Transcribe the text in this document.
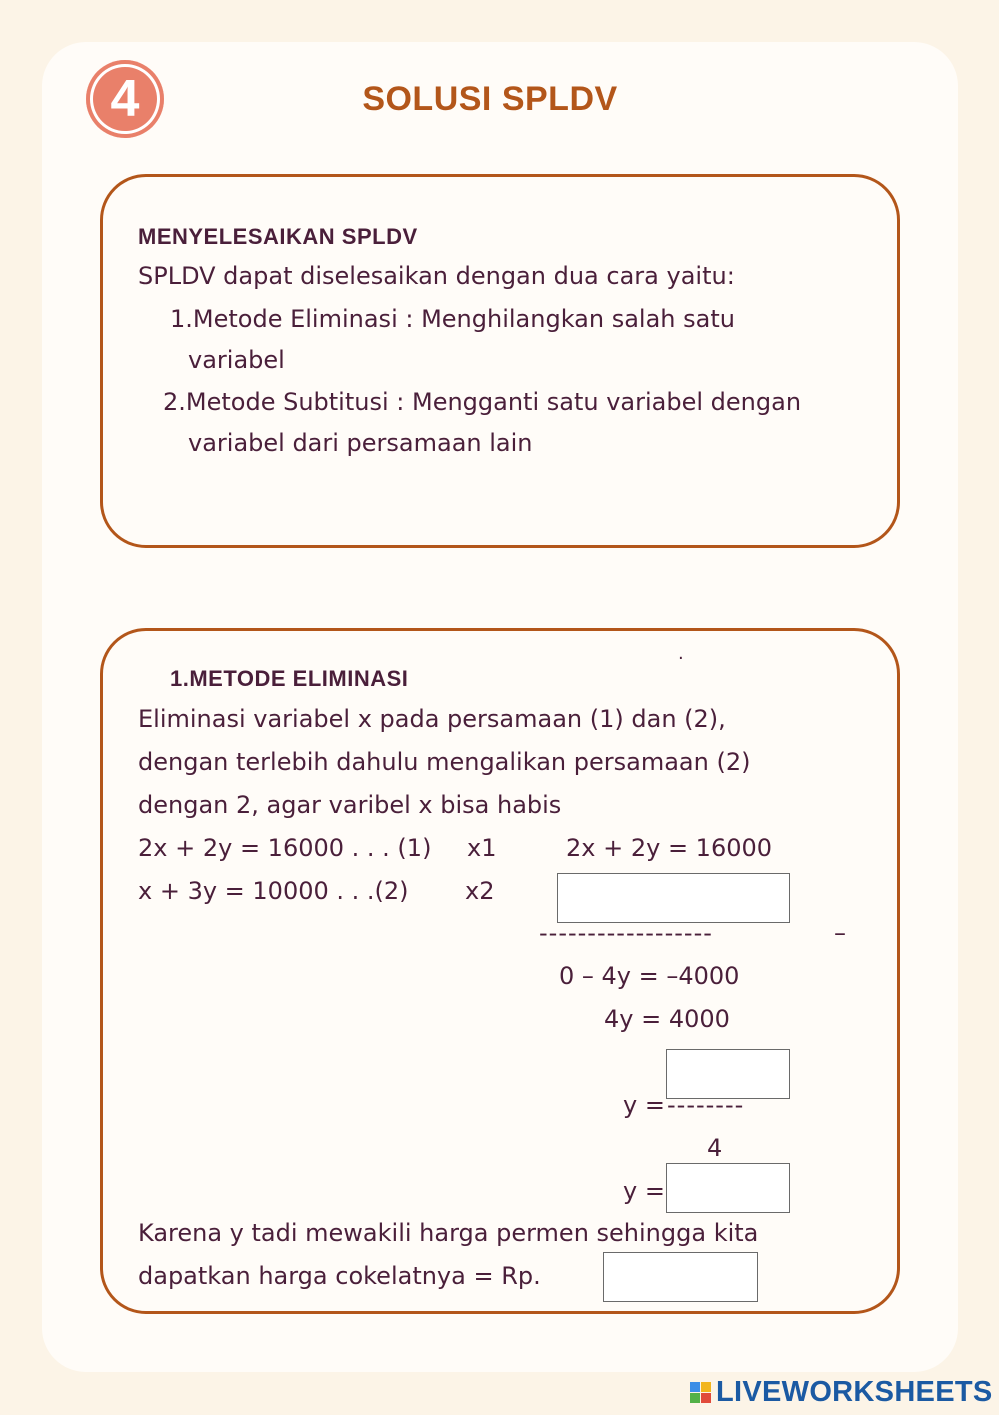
4	SOLUSI SPLDV
MENYELESAIKAN SPLDV
SPLDV dapat diselesaikan dengan dua cara yaitu:
1.Metode Eliminasi : Menghilangkan salah satu
variabel
2.Metode Subtitusi : Mengganti satu variabel dengan
variabel dari persamaan lain
1.METODE ELIMINASI
·
Eliminasi variabel x pada persamaan (1) dan (2),
dengan terlebih dahulu mengalikan persamaan (2)
dengan 2, agar varibel x bisa habis
2x + 2y = 16000 . . . (1) x1	2x + 2y = 16000
x + 3y = 10000 . . .(2) x2
------------------	–
0 – 4y = –4000
4y = 4000
y = --------
4
y =
Karena y tadi mewakili harga permen sehingga kita
dapatkan harga cokelatnya = Rp.
LIVEWORKSHEETS
